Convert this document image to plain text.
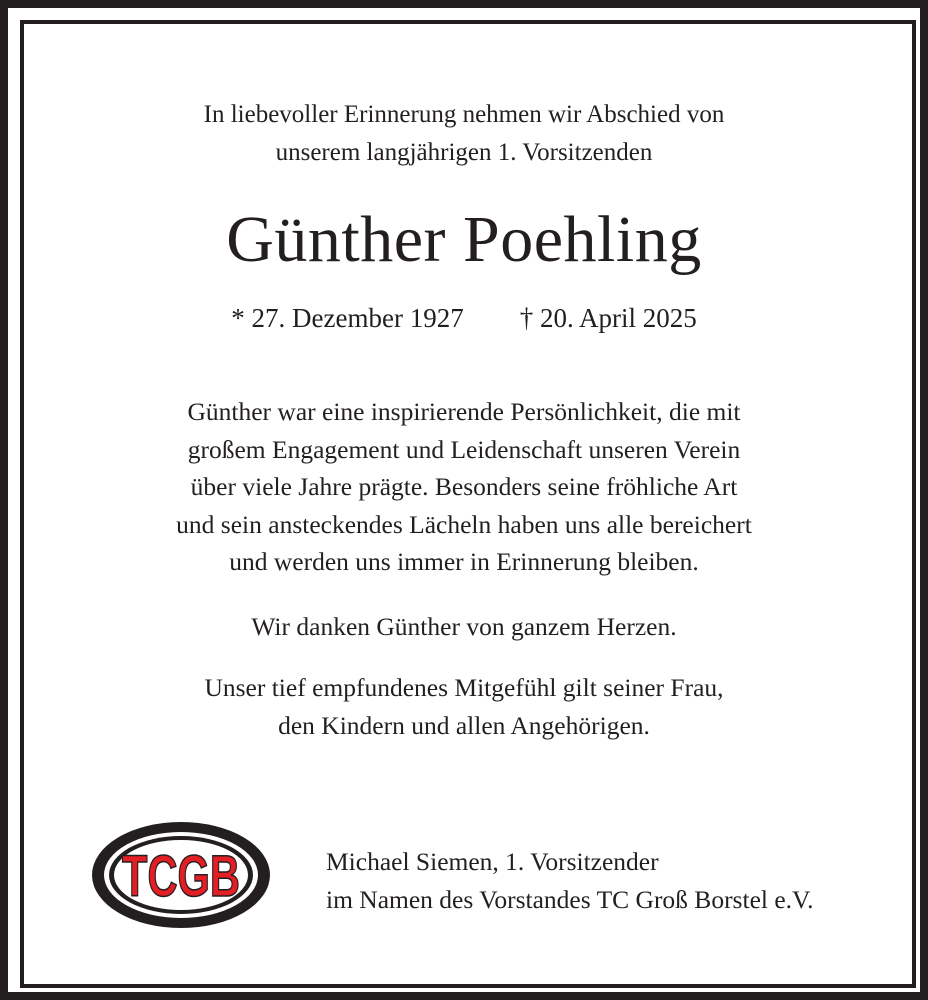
In liebevoller Erinnerung nehmen wir Abschied von
unserem langjährigen 1. Vorsitzenden
Günther Poehling
* 27. Dezember 1927 † 20. April 2025
Günther war eine inspirierende Persönlichkeit, die mit
großem Engagement und Leidenschaft unseren Verein
über viele Jahre prägte. Besonders seine fröhliche Art
und sein ansteckendes Lächeln haben uns alle bereichert
und werden uns immer in Erinnerung bleiben.
Wir danken Günther von ganzem Herzen.
Unser tief empfundenes Mitgefühl gilt seiner Frau,
den Kindern und allen Angehörigen.
TCGB	Michael Siemen, 1. Vorsitzender
im Namen des Vorstandes TC Groß Borstel e.V.
